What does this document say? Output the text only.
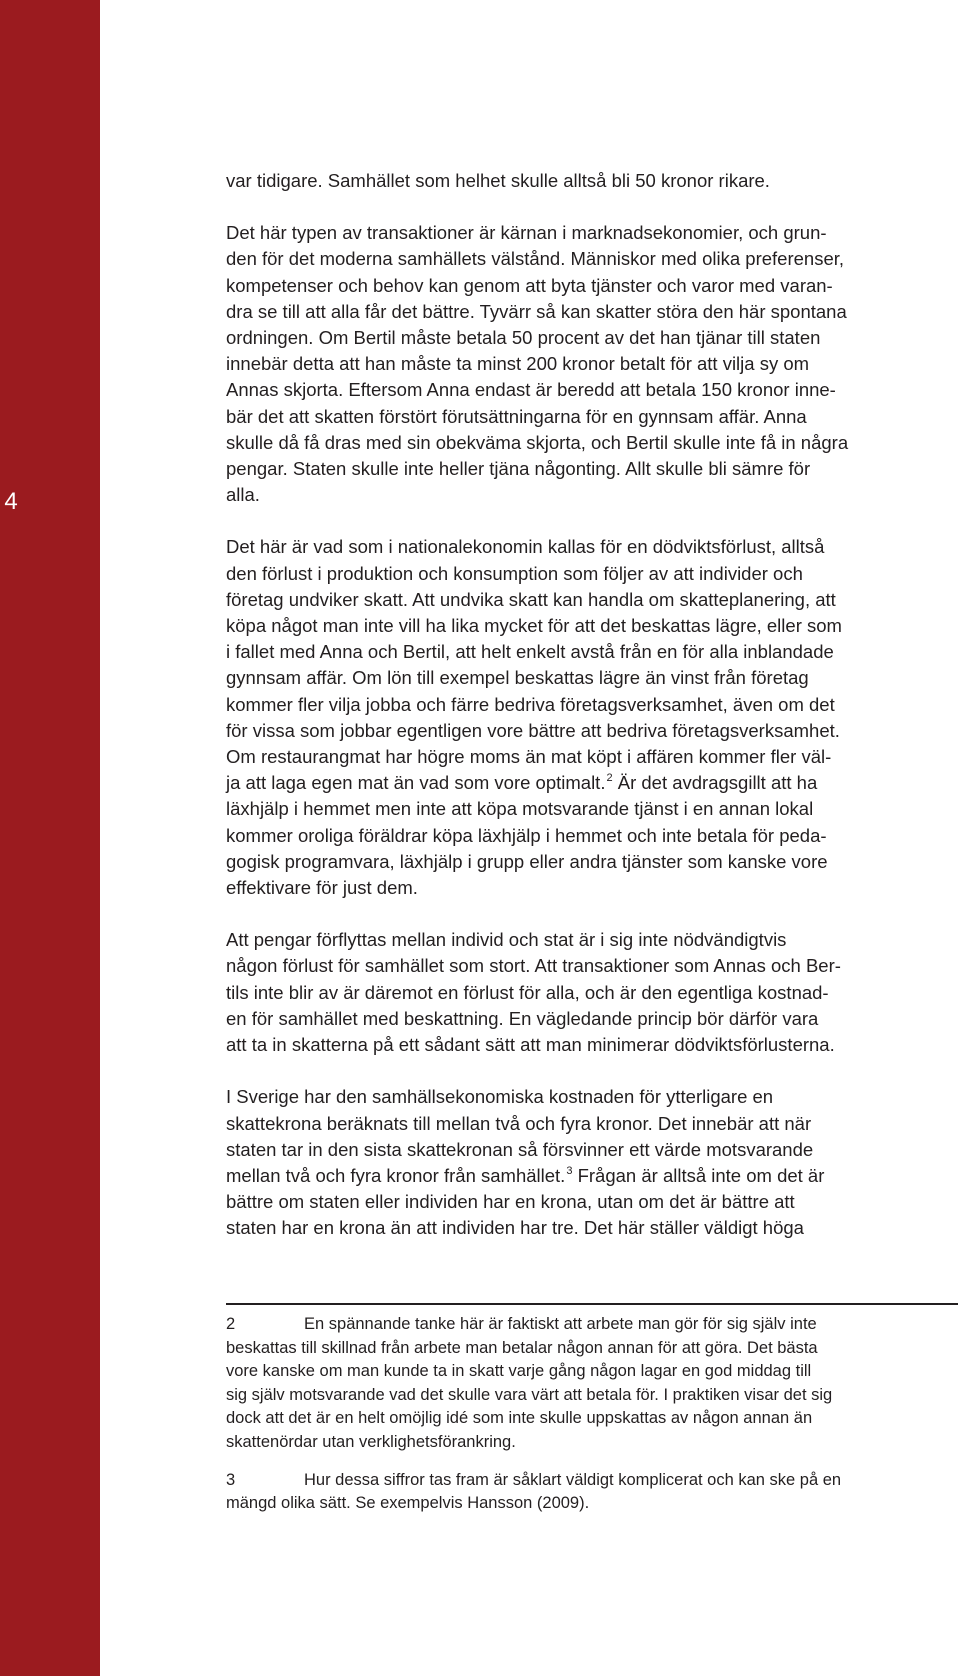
4

var tidigare. Samhället som helhet skulle alltså bli 50 kronor rikare.

Det här typen av transaktioner är kärnan i marknadsekonomier, och grun-
den för det moderna samhällets välstånd. Människor med olika preferenser,
kompetenser och behov kan genom att byta tjänster och varor med varan-
dra se till att alla får det bättre. Tyvärr så kan skatter störa den här spontana
ordningen. Om Bertil måste betala 50 procent av det han tjänar till staten
innebär detta att han måste ta minst 200 kronor betalt för att vilja sy om
Annas skjorta. Eftersom Anna endast är beredd att betala 150 kronor inne-
bär det att skatten förstört förutsättningarna för en gynnsam affär. Anna
skulle då få dras med sin obekväma skjorta, och Bertil skulle inte få in några
pengar. Staten skulle inte heller tjäna någonting. Allt skulle bli sämre för
alla.

Det här är vad som i nationalekonomin kallas för en dödviktsförlust, alltså
den förlust i produktion och konsumption som följer av att individer och
företag undviker skatt. Att undvika skatt kan handla om skatteplanering, att
köpa något man inte vill ha lika mycket för att det beskattas lägre, eller som
i fallet med Anna och Bertil, att helt enkelt avstå från en för alla inblandade
gynnsam affär. Om lön till exempel beskattas lägre än vinst från företag
kommer fler vilja jobba och färre bedriva företagsverksamhet, även om det
för vissa som jobbar egentligen vore bättre att bedriva företagsverksamhet.
Om restaurangmat har högre moms än mat köpt i affären kommer fler väl-
ja att laga egen mat än vad som vore optimalt.$^2$ Är det avdragsgillt att ha
läxhjälp i hemmet men inte att köpa motsvarande tjänst i en annan lokal
kommer oroliga föräldrar köpa läxhjälp i hemmet och inte betala för peda-
gogisk programvara, läxhjälp i grupp eller andra tjänster som kanske vore
effektivare för just dem.

Att pengar förflyttas mellan individ och stat är i sig inte nödvändigtvis
någon förlust för samhället som stort. Att transaktioner som Annas och Ber-
tils inte blir av är däremot en förlust för alla, och är den egentliga kostnad-
en för samhället med beskattning. En vägledande princip bör därför vara
att ta in skatterna på ett sådant sätt att man minimerar dödviktsförlusterna.

I Sverige har den samhällsekonomiska kostnaden för ytterligare en
skattekrona beräknats till mellan två och fyra kronor. Det innebär att när
staten tar in den sista skattekronan så försvinner ett värde motsvarande
mellan två och fyra kronor från samhället.$^3$ Frågan är alltså inte om det är
bättre om staten eller individen har en krona, utan om det är bättre att
staten har en krona än att individen har tre. Det här ställer väldigt höga

2	En spännande tanke här är faktiskt att arbete man gör för sig själv inte
beskattas till skillnad från arbete man betalar någon annan för att göra. Det bästa
vore kanske om man kunde ta in skatt varje gång någon lagar en god middag till
sig själv motsvarande vad det skulle vara värt att betala för. I praktiken visar det sig
dock att det är en helt omöjlig idé som inte skulle uppskattas av någon annan än
skattenördar utan verklighetsförankring.
3	Hur dessa siffror tas fram är såklart väldigt komplicerat och kan ske på en
mängd olika sätt. Se exempelvis Hansson (2009).
